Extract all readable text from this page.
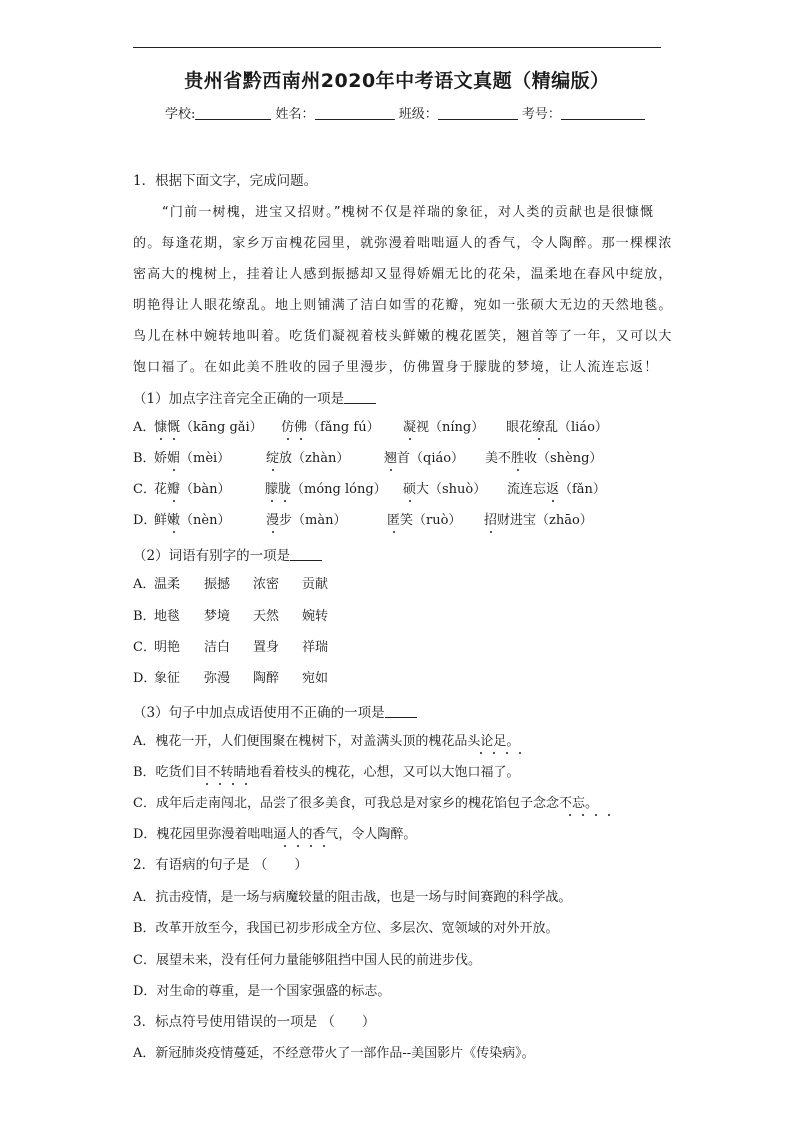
贵州省黔西南州2020年中考语文真题（精编版）
学校:	姓名：	班级：	考号：
1．根据下面文字，完成问题。
“门前一树槐，进宝又招财。”槐树不仅是祥瑞的象征，对人类的贡献也是很慷慨
的。每逢花期，家乡万亩槐花园里，就弥漫着咄咄逼人的香气，令人陶醉。那一棵棵浓
密高大的槐树上，挂着让人感到振撼却又显得娇媚无比的花朵，温柔地在春风中绽放，
明艳得让人眼花缭乱。地上则铺满了洁白如雪的花瓣，宛如一张硕大无边的天然地毯。
鸟儿在林中婉转地叫着。吃货们凝视着枝头鲜嫩的槐花匿笑，翘首等了一年，又可以大
饱口福了。在如此美不胜收的园子里漫步，仿佛置身于朦胧的梦境，让人流连忘返！
（1）加点字注音完全正确的一项是
A．
慷慨（kāng gǎi） 仿佛（fǎng fú） 凝视（níng） 眼花缭乱（liáo）
B．
娇媚（mèi）	绽放（zhàn）	翘首（qiáo） 美不胜收（shèng）
C．
花瓣（bàn）	朦胧（móng lóng） 硕大（shuò） 流连忘返（fǎn）
D．
鲜嫩（nèn）	漫步（màn）	匿笑（ruò） 招财进宝（zhāo）
（2）词语有别字的一项是
A．
温柔 振撼 浓密 贡献
B．
地毯 梦境 天然 婉转
C．
明艳 洁白 置身 祥瑞
D．
象征 弥漫 陶醉 宛如
（3）句子中加点成语使用不正确的一项是
A．槐花一开，人们便围聚在槐树下，对盖满头顶的槐花品头论足。
B．吃货们目不转睛地看着枝头的槐花，心想，又可以大饱口福了。
C．成年后走南闯北，品尝了很多美食，可我总是对家乡的槐花馅包子念念不忘。
D．槐花园里弥漫着咄咄逼人的香气，令人陶醉。
2．有语病的句子是 （　　）
A．抗击疫情，是一场与病魔较量的阻击战，也是一场与时间赛跑的科学战。
B．改革开放至今，我国已初步形成全方位、多层次、宽领域的对外开放。
C．展望未来，没有任何力量能够阻挡中国人民的前进步伐。
D．对生命的尊重，是一个国家强盛的标志。
3．标点符号使用错误的一项是 （　　）
A．新冠肺炎疫情蔓延，不经意带火了一部作品--美国影片《传染病》。
